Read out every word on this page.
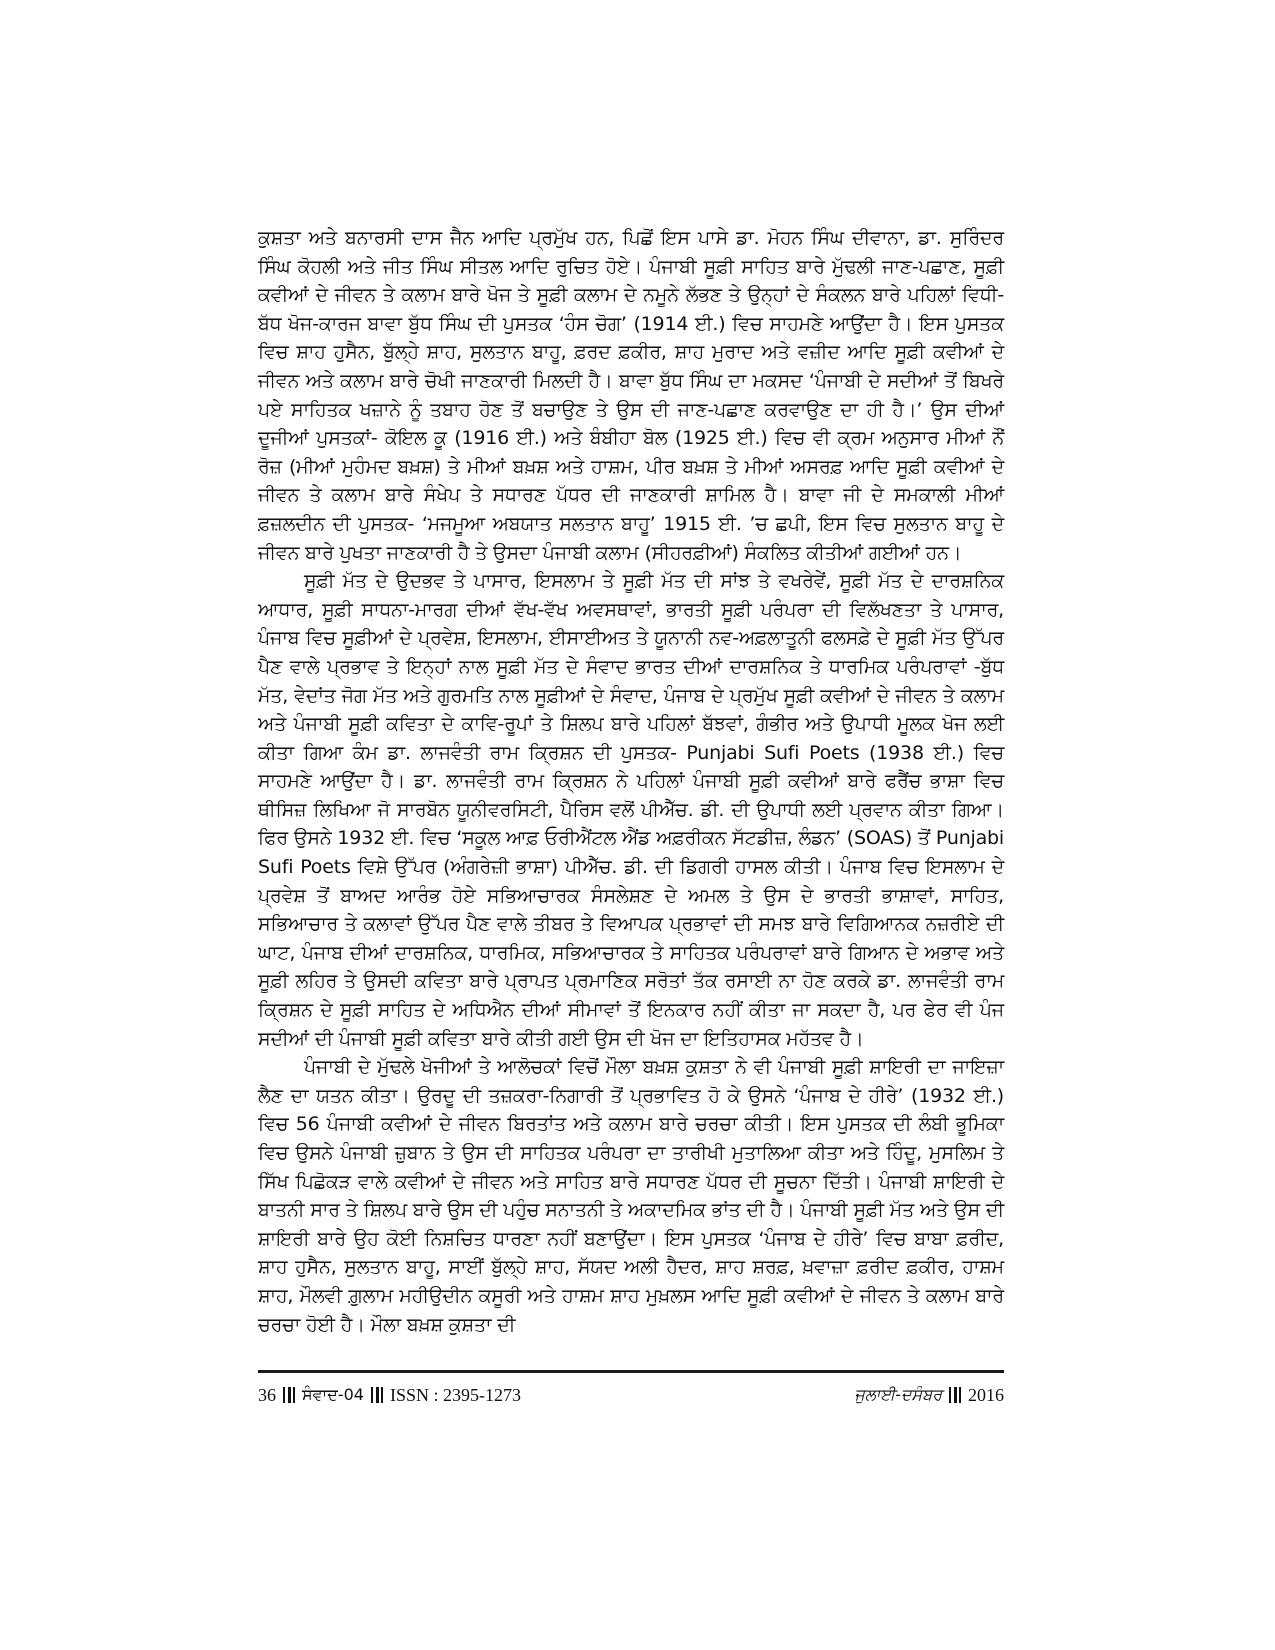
ਕੁਸ਼ਤਾ ਅਤੇ ਬਨਾਰਸੀ ਦਾਸ ਜੈਨ ਆਦਿ ਪ੍ਰਮੁੱਖ ਹਨ, ਪਿਛੋਂ ਇਸ ਪਾਸੇ ਡਾ. ਮੋਹਨ ਸਿੰਘ ਦੀਵਾਨਾ, ਡਾ. ਸੁਰਿੰਦਰ ਸਿੰਘ ਕੋਹਲੀ ਅਤੇ ਜੀਤ ਸਿੰਘ ਸੀਤਲ ਆਦਿ ਰੁਚਿਤ ਹੋਏ। ਪੰਜਾਬੀ ਸੂਫ਼ੀ ਸਾਹਿਤ ਬਾਰੇ ਮੁੱਢਲੀ ਜਾਣ-ਪਛਾਣ, ਸੂਫ਼ੀ ਕਵੀਆਂ ਦੇ ਜੀਵਨ ਤੇ ਕਲਾਮ ਬਾਰੇ ਖੋਜ ਤੇ ਸੂਫ਼ੀ ਕਲਾਮ ਦੇ ਨਮੂਨੇ ਲੱਭਣ ਤੇ ਉਨ੍ਹਾਂ ਦੇ ਸੰਕਲਨ ਬਾਰੇ ਪਹਿਲਾਂ ਵਿਧੀ-ਬੱਧ ਖੋਜ-ਕਾਰਜ ਬਾਵਾ ਬੁੱਧ ਸਿੰਘ ਦੀ ਪੁਸਤਕ ‘ਹੰਸ ਚੋਗ’ (1914 ਈ.) ਵਿਚ ਸਾਹਮਣੇ ਆਉਂਦਾ ਹੈ। ਇਸ ਪੁਸਤਕ ਵਿਚ ਸ਼ਾਹ ਹੁਸੈਨ, ਬੁੱਲ੍ਹੇ ਸ਼ਾਹ, ਸੁਲਤਾਨ ਬਾਹੂ, ਫ਼ਰਦ ਫ਼ਕੀਰ, ਸ਼ਾਹ ਮੁਰਾਦ ਅਤੇ ਵਜ਼ੀਦ ਆਦਿ ਸੂਫ਼ੀ ਕਵੀਆਂ ਦੇ ਜੀਵਨ ਅਤੇ ਕਲਾਮ ਬਾਰੇ ਚੋਖੀ ਜਾਣਕਾਰੀ ਮਿਲਦੀ ਹੈ। ਬਾਵਾ ਬੁੱਧ ਸਿੰਘ ਦਾ ਮਕਸਦ ‘ਪੰਜਾਬੀ ਦੇ ਸਦੀਆਂ ਤੋਂ ਬਿਖਰੇ ਪਏ ਸਾਹਿਤਕ ਖਜ਼ਾਨੇ ਨੂੰ ਤਬਾਹ ਹੋਣ ਤੋਂ ਬਚਾਉਣ ਤੇ ਉਸ ਦੀ ਜਾਣ-ਪਛਾਣ ਕਰਵਾਉਣ ਦਾ ਹੀ ਹੈ।’ ਉਸ ਦੀਆਂ ਦੂਜੀਆਂ ਪੁਸਤਕਾਂ- ਕੋਇਲ ਕੂ (1916 ਈ.) ਅਤੇ ਬੰਬੀਹਾ ਬੋਲ (1925 ਈ.) ਵਿਚ ਵੀ ਕ੍ਰਮ ਅਨੁਸਾਰ ਮੀਆਂ ਨੌਂ ਰੋਜ਼ (ਮੀਆਂ ਮੁਹੰਮਦ ਬਖ਼ਸ਼) ਤੇ ਮੀਆਂ ਬਖ਼ਸ਼ ਅਤੇ ਹਾਸ਼ਮ, ਪੀਰ ਬਖ਼ਸ਼ ਤੇ ਮੀਆਂ ਅਸਰਫ਼ ਆਦਿ ਸੂਫ਼ੀ ਕਵੀਆਂ ਦੇ ਜੀਵਨ ਤੇ ਕਲਾਮ ਬਾਰੇ ਸੰਖੇਪ ਤੇ ਸਧਾਰਣ ਪੱਧਰ ਦੀ ਜਾਣਕਾਰੀ ਸ਼ਾਮਿਲ ਹੈ। ਬਾਵਾ ਜੀ ਦੇ ਸਮਕਾਲੀ ਮੀਆਂ ਫ਼ਜ਼ਲਦੀਨ ਦੀ ਪੁਸਤਕ- ‘ਮਜਮੂਆ ਅਬਯਾਤ ਸਲਤਾਨ ਬਾਹੂ’ 1915 ਈ. ’ਚ ਛਪੀ, ਇਸ ਵਿਚ ਸੁਲਤਾਨ ਬਾਹੂ ਦੇ ਜੀਵਨ ਬਾਰੇ ਪੁਖਤਾ ਜਾਣਕਾਰੀ ਹੈ ਤੇ ਉਸਦਾ ਪੰਜਾਬੀ ਕਲਾਮ (ਸੀਹਰਫ਼ੀਆਂ) ਸੰਕਲਿਤ ਕੀਤੀਆਂ ਗਈਆਂ ਹਨ।

ਸੂਫ਼ੀ ਮੱਤ ਦੇ ਉਦਭਵ ਤੇ ਪਾਸਾਰ, ਇਸਲਾਮ ਤੇ ਸੂਫ਼ੀ ਮੱਤ ਦੀ ਸਾਂਝ ਤੇ ਵਖਰੇਵੇਂ, ਸੂਫ਼ੀ ਮੱਤ ਦੇ ਦਾਰਸ਼ਨਿਕ ਆਧਾਰ, ਸੂਫ਼ੀ ਸਾਧਨਾ-ਮਾਰਗ ਦੀਆਂ ਵੱਖ-ਵੱਖ ਅਵਸਥਾਵਾਂ, ਭਾਰਤੀ ਸੂਫ਼ੀ ਪਰੰਪਰਾ ਦੀ ਵਿਲੱਖਣਤਾ ਤੇ ਪਾਸਾਰ, ਪੰਜਾਬ ਵਿਚ ਸੂਫ਼ੀਆਂ ਦੇ ਪ੍ਰਵੇਸ਼, ਇਸਲਾਮ, ਈਸਾਈਅਤ ਤੇ ਯੂਨਾਨੀ ਨਵ-ਅਫ਼ਲਾਤੂਨੀ ਫਲਸਫ਼ੇ ਦੇ ਸੂਫ਼ੀ ਮੱਤ ਉੱਪਰ ਪੈਣ ਵਾਲੇ ਪ੍ਰਭਾਵ ਤੇ ਇਨ੍ਹਾਂ ਨਾਲ ਸੂਫ਼ੀ ਮੱਤ ਦੇ ਸੰਵਾਦ ਭਾਰਤ ਦੀਆਂ ਦਾਰਸ਼ਨਿਕ ਤੇ ਧਾਰਮਿਕ ਪਰੰਪਰਾਵਾਂ -ਬੁੱਧ ਮੱਤ, ਵੇਦਾਂਤ ਜੋਗ ਮੱਤ ਅਤੇ ਗੁਰਮਤਿ ਨਾਲ ਸੂਫ਼ੀਆਂ ਦੇ ਸੰਵਾਦ, ਪੰਜਾਬ ਦੇ ਪ੍ਰਮੁੱਖ ਸੂਫ਼ੀ ਕਵੀਆਂ ਦੇ ਜੀਵਨ ਤੇ ਕਲਾਮ ਅਤੇ ਪੰਜਾਬੀ ਸੂਫ਼ੀ ਕਵਿਤਾ ਦੇ ਕਾਵਿ-ਰੂਪਾਂ ਤੇ ਸ਼ਿਲਪ ਬਾਰੇ ਪਹਿਲਾਂ ਬੱਝਵਾਂ, ਗੰਭੀਰ ਅਤੇ ਉਪਾਧੀ ਮੂਲਕ ਖੋਜ ਲਈ ਕੀਤਾ ਗਿਆ ਕੰਮ ਡਾ. ਲਾਜਵੰਤੀ ਰਾਮ ਕ੍ਰਿਸ਼ਨ ਦੀ ਪੁਸਤਕ- Punjabi Sufi Poets (1938 ਈ.) ਵਿਚ ਸਾਹਮਣੇ ਆਉਂਦਾ ਹੈ। ਡਾ. ਲਾਜਵੰਤੀ ਰਾਮ ਕ੍ਰਿਸ਼ਨ ਨੇ ਪਹਿਲਾਂ ਪੰਜਾਬੀ ਸੂਫ਼ੀ ਕਵੀਆਂ ਬਾਰੇ ਫਰੈਂਚ ਭਾਸ਼ਾ ਵਿਚ ਥੀਸਿਜ਼ ਲਿਖਿਆ ਜੋ ਸਾਰਬੋਨ ਯੂਨੀਵਰਸਿਟੀ, ਪੈਰਿਸ ਵਲੋਂ ਪੀਐੱਚ. ਡੀ. ਦੀ ਉਪਾਧੀ ਲਈ ਪ੍ਰਵਾਨ ਕੀਤਾ ਗਿਆ। ਫਿਰ ਉਸਨੇ 1932 ਈ. ਵਿਚ ‘ਸਕੂਲ ਆਫ਼ ਓਰੀਐਂਟਲ ਐਂਡ ਅਫ਼ਰੀਕਨ ਸੱਟਡੀਜ਼, ਲੰਡਨ’ (SOAS) ਤੋਂ Punjabi Sufi Poets ਵਿਸ਼ੇ ਉੱਪਰ (ਅੰਗਰੇਜ਼ੀ ਭਾਸ਼ਾ) ਪੀਐੱਚ. ਡੀ. ਦੀ ਡਿਗਰੀ ਹਾਸਲ ਕੀਤੀ। ਪੰਜਾਬ ਵਿਚ ਇਸਲਾਮ ਦੇ ਪ੍ਰਵੇਸ਼ ਤੋਂ ਬਾਅਦ ਆਰੰਭ ਹੋਏ ਸਭਿਆਚਾਰਕ ਸੰਸਲੇਸ਼ਣ ਦੇ ਅਮਲ ਤੇ ਉਸ ਦੇ ਭਾਰਤੀ ਭਾਸ਼ਾਵਾਂ, ਸਾਹਿਤ, ਸਭਿਆਚਾਰ ਤੇ ਕਲਾਵਾਂ ਉੱਪਰ ਪੈਣ ਵਾਲੇ ਤੀਬਰ ਤੇ ਵਿਆਪਕ ਪ੍ਰਭਾਵਾਂ ਦੀ ਸਮਝ ਬਾਰੇ ਵਿਗਿਆਨਕ ਨਜ਼ਰੀਏ ਦੀ ਘਾਟ, ਪੰਜਾਬ ਦੀਆਂ ਦਾਰਸ਼ਨਿਕ, ਧਾਰਮਿਕ, ਸਭਿਆਚਾਰਕ ਤੇ ਸਾਹਿਤਕ ਪਰੰਪਰਾਵਾਂ ਬਾਰੇ ਗਿਆਨ ਦੇ ਅਭਾਵ ਅਤੇ ਸੂਫ਼ੀ ਲਹਿਰ ਤੇ ਉਸਦੀ ਕਵਿਤਾ ਬਾਰੇ ਪ੍ਰਾਪਤ ਪ੍ਰਮਾਣਿਕ ਸਰੋਤਾਂ ਤੱਕ ਰਸਾਈ ਨਾ ਹੋਣ ਕਰਕੇ ਡਾ. ਲਾਜਵੰਤੀ ਰਾਮ ਕ੍ਰਿਸ਼ਨ ਦੇ ਸੂਫ਼ੀ ਸਾਹਿਤ ਦੇ ਅਧਿਐਨ ਦੀਆਂ ਸੀਮਾਵਾਂ ਤੋਂ ਇਨਕਾਰ ਨਹੀਂ ਕੀਤਾ ਜਾ ਸਕਦਾ ਹੈ, ਪਰ ਫੇਰ ਵੀ ਪੰਜ ਸਦੀਆਂ ਦੀ ਪੰਜਾਬੀ ਸੂਫ਼ੀ ਕਵਿਤਾ ਬਾਰੇ ਕੀਤੀ ਗਈ ਉਸ ਦੀ ਖੋਜ ਦਾ ਇਤਿਹਾਸਕ ਮਹੱਤਵ ਹੈ।

ਪੰਜਾਬੀ ਦੇ ਮੁੱਢਲੇ ਖੋਜੀਆਂ ਤੇ ਆਲੋਚਕਾਂ ਵਿਚੋਂ ਮੌਲਾ ਬਖ਼ਸ਼ ਕੁਸ਼ਤਾ ਨੇ ਵੀ ਪੰਜਾਬੀ ਸੂਫ਼ੀ ਸ਼ਾਇਰੀ ਦਾ ਜਾਇਜ਼ਾ ਲੈਣ ਦਾ ਯਤਨ ਕੀਤਾ। ਉਰਦੂ ਦੀ ਤਜ਼ਕਰਾ-ਨਿਗਾਰੀ ਤੋਂ ਪ੍ਰਭਾਵਿਤ ਹੋ ਕੇ ਉਸਨੇ ‘ਪੰਜਾਬ ਦੇ ਹੀਰੇ’ (1932 ਈ.) ਵਿਚ 56 ਪੰਜਾਬੀ ਕਵੀਆਂ ਦੇ ਜੀਵਨ ਬਿਰਤਾਂਤ ਅਤੇ ਕਲਾਮ ਬਾਰੇ ਚਰਚਾ ਕੀਤੀ। ਇਸ ਪੁਸਤਕ ਦੀ ਲੰਬੀ ਭੂਮਿਕਾ ਵਿਚ ਉਸਨੇ ਪੰਜਾਬੀ ਜ਼ੁਬਾਨ ਤੇ ਉਸ ਦੀ ਸਾਹਿਤਕ ਪਰੰਪਰਾ ਦਾ ਤਾਰੀਖੀ ਮੁਤਾਲਿਆ ਕੀਤਾ ਅਤੇ ਹਿੰਦੂ, ਮੁਸਲਿਮ ਤੇ ਸਿੱਖ ਪਿਛੋਕੜ ਵਾਲੇ ਕਵੀਆਂ ਦੇ ਜੀਵਨ ਅਤੇ ਸਾਹਿਤ ਬਾਰੇ ਸਧਾਰਣ ਪੱਧਰ ਦੀ ਸੂਚਨਾ ਦਿੱਤੀ। ਪੰਜਾਬੀ ਸ਼ਾਇਰੀ ਦੇ ਬਾਤਨੀ ਸਾਰ ਤੇ ਸ਼ਿਲਪ ਬਾਰੇ ਉਸ ਦੀ ਪਹੁੰਚ ਸਨਾਤਨੀ ਤੇ ਅਕਾਦਮਿਕ ਭਾਂਤ ਦੀ ਹੈ। ਪੰਜਾਬੀ ਸੂਫ਼ੀ ਮੱਤ ਅਤੇ ਉਸ ਦੀ ਸ਼ਾਇਰੀ ਬਾਰੇ ਉਹ ਕੋਈ ਨਿਸ਼ਚਿਤ ਧਾਰਣਾ ਨਹੀਂ ਬਣਾਉਂਦਾ। ਇਸ ਪੁਸਤਕ ‘ਪੰਜਾਬ ਦੇ ਹੀਰੇ’ ਵਿਚ ਬਾਬਾ ਫ਼ਰੀਦ, ਸ਼ਾਹ ਹੁਸੈਨ, ਸੁਲਤਾਨ ਬਾਹੂ, ਸਾਈਂ ਬੁੱਲ੍ਹੇ ਸ਼ਾਹ, ਸੱਯਦ ਅਲੀ ਹੈਦਰ, ਸ਼ਾਹ ਸ਼ਰਫ਼, ਖ਼ਵਾਜ਼ਾ ਫ਼ਰੀਦ ਫ਼ਕੀਰ, ਹਾਸ਼ਮ ਸ਼ਾਹ, ਮੌਲਵੀ ਗ਼ੁਲਾਮ ਮਹੀਉਦੀਨ ਕਸੂਰੀ ਅਤੇ ਹਾਸ਼ਮ ਸ਼ਾਹ ਮੁਖ਼ਲਸ ਆਦਿ ਸੂਫ਼ੀ ਕਵੀਆਂ ਦੇ ਜੀਵਨ ਤੇ ਕਲਾਮ ਬਾਰੇ ਚਰਚਾ ਹੋਈ ਹੈ। ਮੌਲਾ ਬਖ਼ਸ਼ ਕੁਸ਼ਤਾ ਦੀ

36 ਸੰਵਾਦ-04 ISSN : 2395-1273	ਜੁਲਾਈ-ਦਸੰਬਰ 2016
